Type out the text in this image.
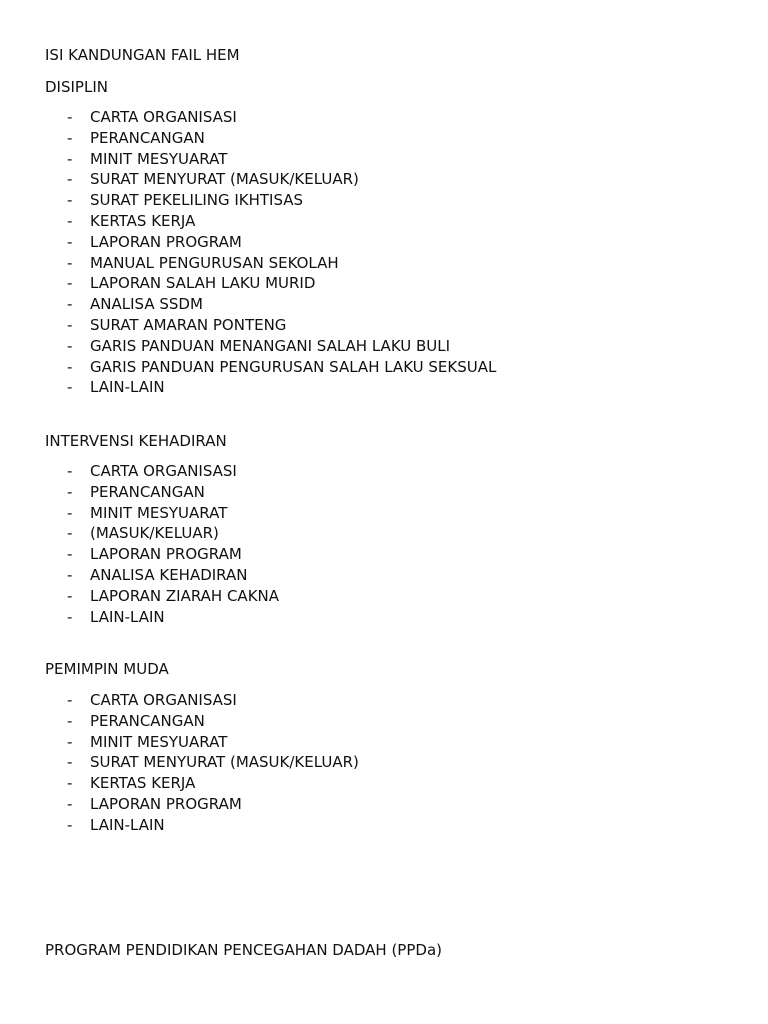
ISI KANDUNGAN FAIL HEM

DISIPLIN

- CARTA ORGANISASI
- PERANCANGAN
- MINIT MESYUARAT
- SURAT MENYURAT (MASUK/KELUAR)
- SURAT PEKELILING IKHTISAS
- KERTAS KERJA
- LAPORAN PROGRAM
- MANUAL PENGURUSAN SEKOLAH
- LAPORAN SALAH LAKU MURID
- ANALISA SSDM
- SURAT AMARAN PONTENG
- GARIS PANDUAN MENANGANI SALAH LAKU BULI
- GARIS PANDUAN PENGURUSAN SALAH LAKU SEKSUAL
- LAIN-LAIN

INTERVENSI KEHADIRAN

- CARTA ORGANISASI
- PERANCANGAN
- MINIT MESYUARAT
- (MASUK/KELUAR)
- LAPORAN PROGRAM
- ANALISA KEHADIRAN
- LAPORAN ZIARAH CAKNA
- LAIN-LAIN

PEMIMPIN MUDA

- CARTA ORGANISASI
- PERANCANGAN
- MINIT MESYUARAT
- SURAT MENYURAT (MASUK/KELUAR)
- KERTAS KERJA
- LAPORAN PROGRAM
- LAIN-LAIN

PROGRAM PENDIDIKAN PENCEGAHAN DADAH (PPDa)
